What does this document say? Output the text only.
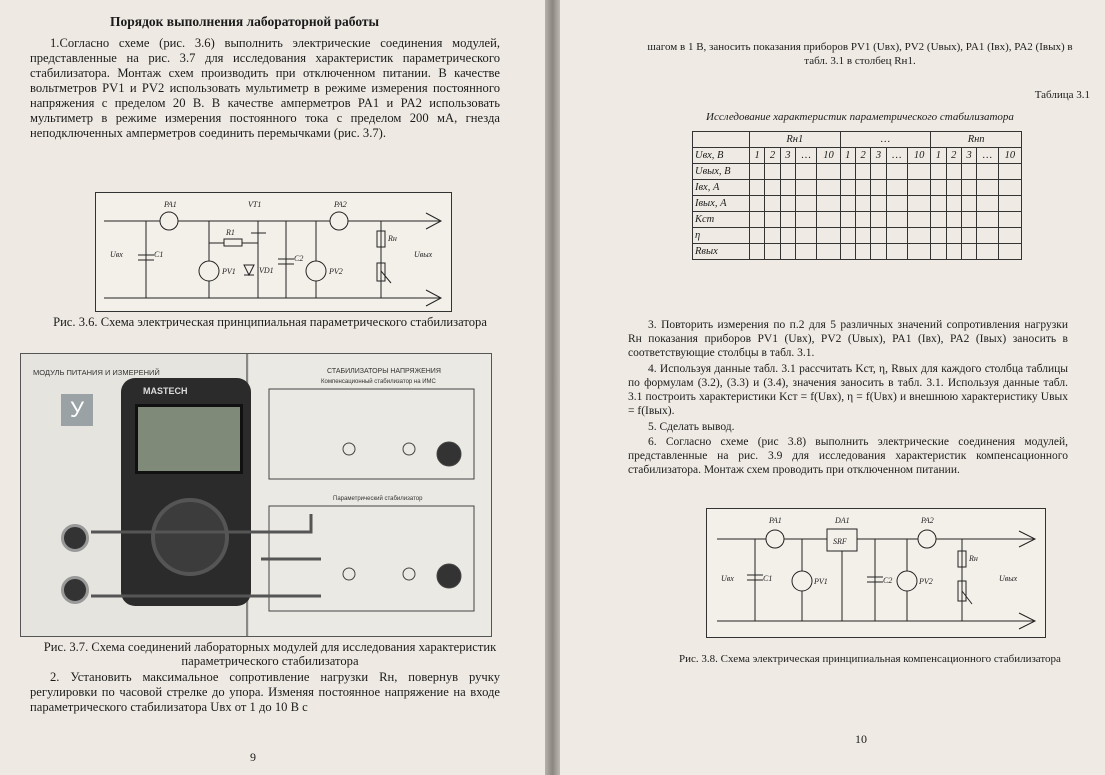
Порядок выполнения лабораторной работы
1.Согласно схеме (рис. 3.6) выполнить электрические соединения модулей, представленные на рис. 3.7 для исследования характеристик параметрического стабилизатора. Монтаж схем производить при отключенном питании. В качестве вольтметров PV1 и PV2 использовать мультиметр в режиме измерения постоянного напряжения с пределом 20 В. В качестве амперметров PA1 и PA2 использовать мультиметр в режиме измерения постоянного тока с пределом 200 мА, гнезда неподключенных амперметров соединить перемычками (рис. 3.7).
PA1	PA2
VT1
R1
C1	C2
PV1	PV2
VD1
Uвх	Uвых
Rн
Рис. 3.6. Схема электрическая принципиальная параметрического стабилизатора
МОДУЛЬ ПИТАНИЯ И ИЗМЕРЕНИЙ
У
СТАБИЛИЗАТОРЫ НАПРЯЖЕНИЯ
Компенсационный стабилизатор на ИМС
Параметрический стабилизатор
MASTECH
Рис. 3.7. Схема соединений лабораторных модулей для исследования характеристик параметрического стабилизатора
2. Установить максимальное сопротивление нагрузки Rн, повернув ручку регулировки по часовой стрелке до упора. Изменяя постоянное напряжение на входе параметрического стабилизатора Uвх от 1 до 10 В с
9
шагом в 1 В, заносить показания приборов PV1 (Uвх), PV2 (Uвых), PA1 (Iвх), PA2 (Iвых) в табл. 3.1 в столбец Rн1.
Таблица 3.1
Исследование характеристик параметрического стабилизатора
	Rн1					…					Rнn				
Uвх, В	1	2	3	…	10	1	2	3	…	10	1	2	3	…	10
Uвых, В															
Iвх, А															
Iвых, А															
Kст															
η															
Rвых															
3. Повторить измерения по п.2 для 5 различных значений сопротивления нагрузки Rн показания приборов PV1 (Uвх), PV2 (Uвых), PA1 (Iвх), PA2 (Iвых) заносить в соответствующие столбцы в табл. 3.1.
4. Используя данные табл. 3.1 рассчитать Kст, η, Rвых для каждого столбца таблицы по формулам (3.2), (3.3) и (3.4), значения заносить в табл. 3.1. Используя данные табл. 3.1 построить характеристики Kст = f(Uвх), η = f(Uвх) и внешнюю характеристику Uвых = f(Iвых).
5. Сделать вывод.
6. Согласно схеме (рис 3.8) выполнить электрические соединения модулей, представленные на рис. 3.9 для исследования характеристик компенсационного стабилизатора. Монтаж схем проводить при отключенном питании.
PA1	PA2
DA1
SRF
C1	C2
PV1	PV2
Uвх	Uвых
Rн
Рис. 3.8. Схема электрическая принципиальная компенсационного стабилизатора
10
